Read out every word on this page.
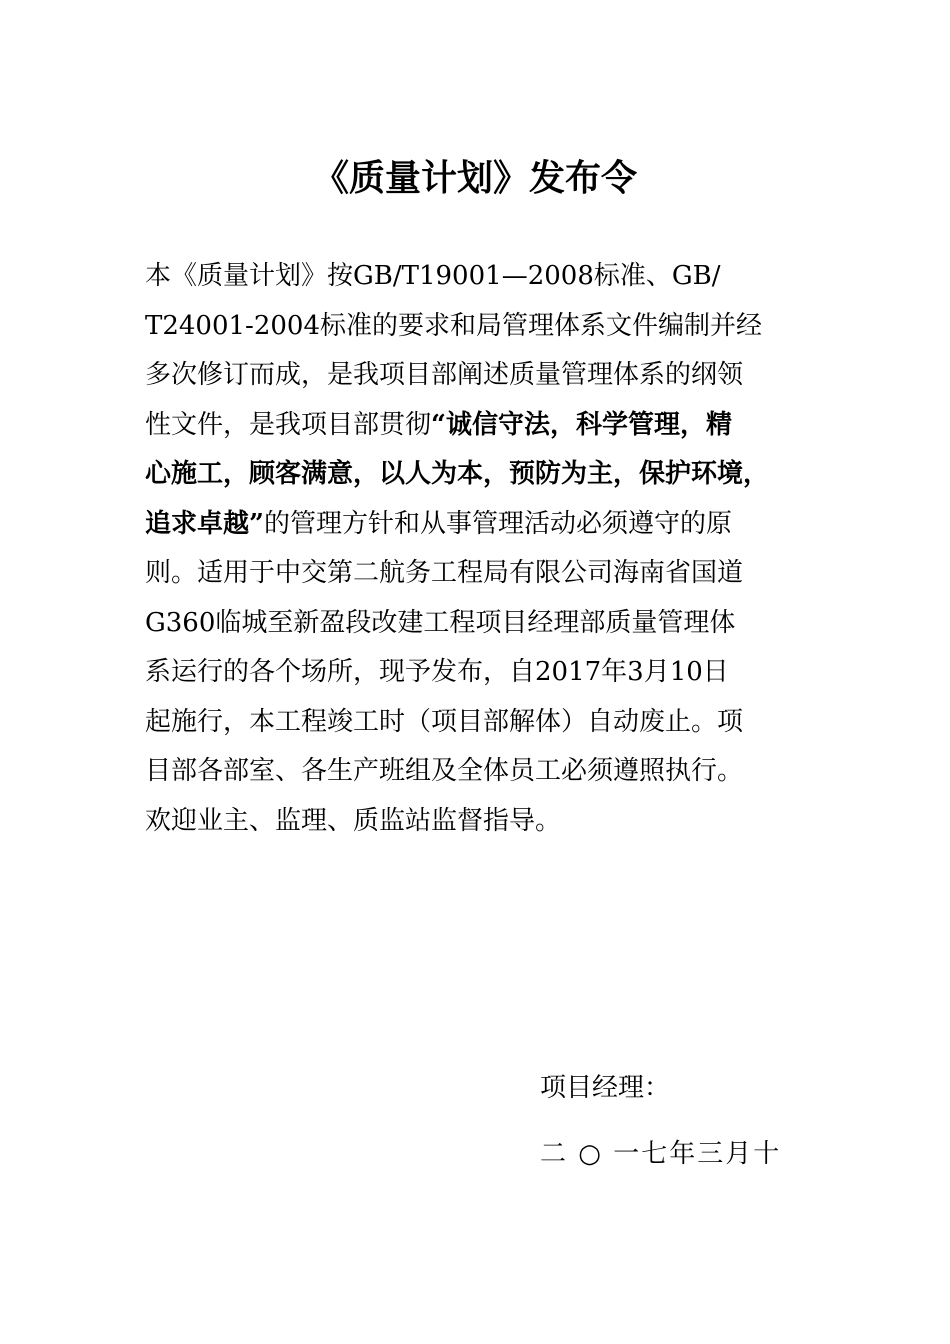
《质量计划》发布令
本《质量计划》按GB/T19001—2008标准、GB/
T24001-2004标准的要求和局管理体系文件编制并经
多次修订而成，是我项目部阐述质量管理体系的纲领
性文件，是我项目部贯彻“诚信守法，科学管理，精
心施工，顾客满意，以人为本，预防为主，保护环境，
追求卓越”的管理方针和从事管理活动必须遵守的原
则。适用于中交第二航务工程局有限公司海南省国道
G360临城至新盈段改建工程项目经理部质量管理体
系运行的各个场所，现予发布，自2017年3月10日
起施行，本工程竣工时（项目部解体）自动废止。项
目部各部室、各生产班组及全体员工必须遵照执行。
欢迎业主、监理、质监站监督指导。
项目经理：
二 ○ 一七年三月十
